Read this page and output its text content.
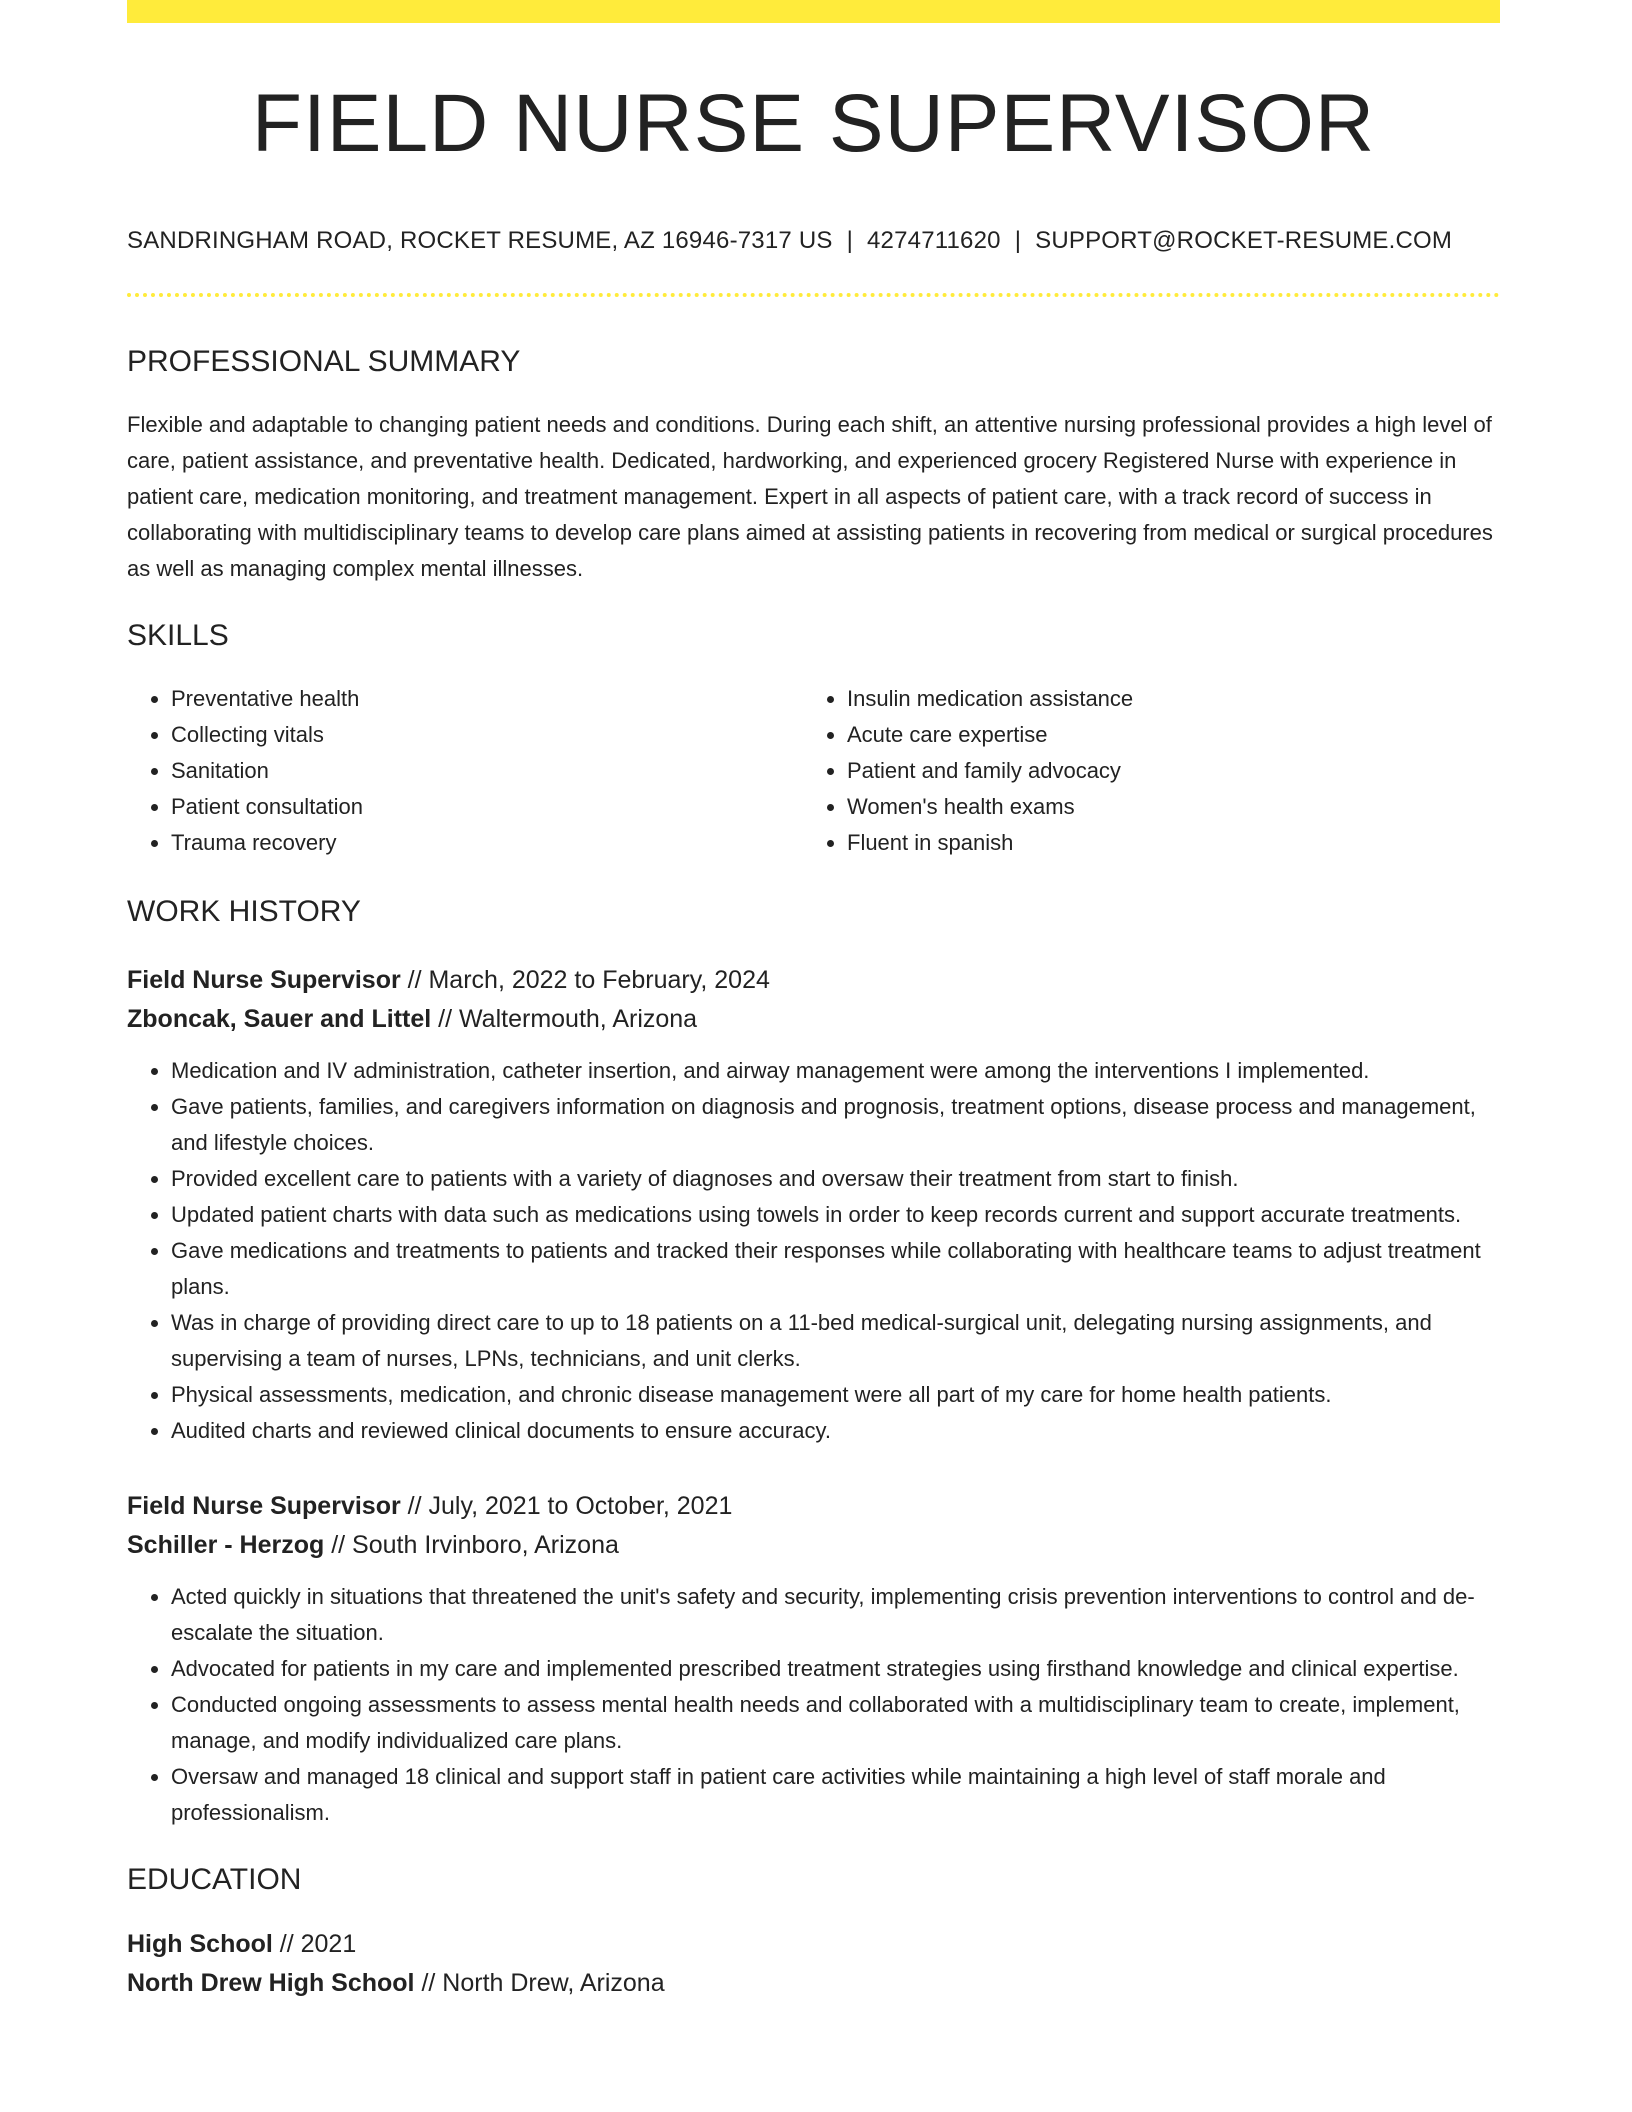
FIELD NURSE SUPERVISOR
SANDRINGHAM ROAD, ROCKET RESUME, AZ 16946-7317 US | 4274711620 | SUPPORT@ROCKET-RESUME.COM
PROFESSIONAL SUMMARY
Flexible and adaptable to changing patient needs and conditions. During each shift, an attentive nursing professional provides a high level of care, patient assistance, and preventative health. Dedicated, hardworking, and experienced grocery Registered Nurse with experience in patient care, medication monitoring, and treatment management. Expert in all aspects of patient care, with a track record of success in collaborating with multidisciplinary teams to develop care plans aimed at assisting patients in recovering from medical or surgical procedures as well as managing complex mental illnesses.
SKILLS
• Preventative health
• Collecting vitals
• Sanitation
• Patient consultation
• Trauma recovery
• Insulin medication assistance
• Acute care expertise
• Patient and family advocacy
• Women's health exams
• Fluent in spanish
WORK HISTORY
Field Nurse Supervisor // March, 2022 to February, 2024
Zboncak, Sauer and Littel // Waltermouth, Arizona
• Medication and IV administration, catheter insertion, and airway management were among the interventions I implemented.
• Gave patients, families, and caregivers information on diagnosis and prognosis, treatment options, disease process and management, and lifestyle choices.
• Provided excellent care to patients with a variety of diagnoses and oversaw their treatment from start to finish.
• Updated patient charts with data such as medications using towels in order to keep records current and support accurate treatments.
• Gave medications and treatments to patients and tracked their responses while collaborating with healthcare teams to adjust treatment plans.
• Was in charge of providing direct care to up to 18 patients on a 11-bed medical-surgical unit, delegating nursing assignments, and supervising a team of nurses, LPNs, technicians, and unit clerks.
• Physical assessments, medication, and chronic disease management were all part of my care for home health patients.
• Audited charts and reviewed clinical documents to ensure accuracy.
Field Nurse Supervisor // July, 2021 to October, 2021
Schiller - Herzog // South Irvinboro, Arizona
• Acted quickly in situations that threatened the unit's safety and security, implementing crisis prevention interventions to control and de-escalate the situation.
• Advocated for patients in my care and implemented prescribed treatment strategies using firsthand knowledge and clinical expertise.
• Conducted ongoing assessments to assess mental health needs and collaborated with a multidisciplinary team to create, implement, manage, and modify individualized care plans.
• Oversaw and managed 18 clinical and support staff in patient care activities while maintaining a high level of staff morale and professionalism.
EDUCATION
High School // 2021
North Drew High School // North Drew, Arizona
